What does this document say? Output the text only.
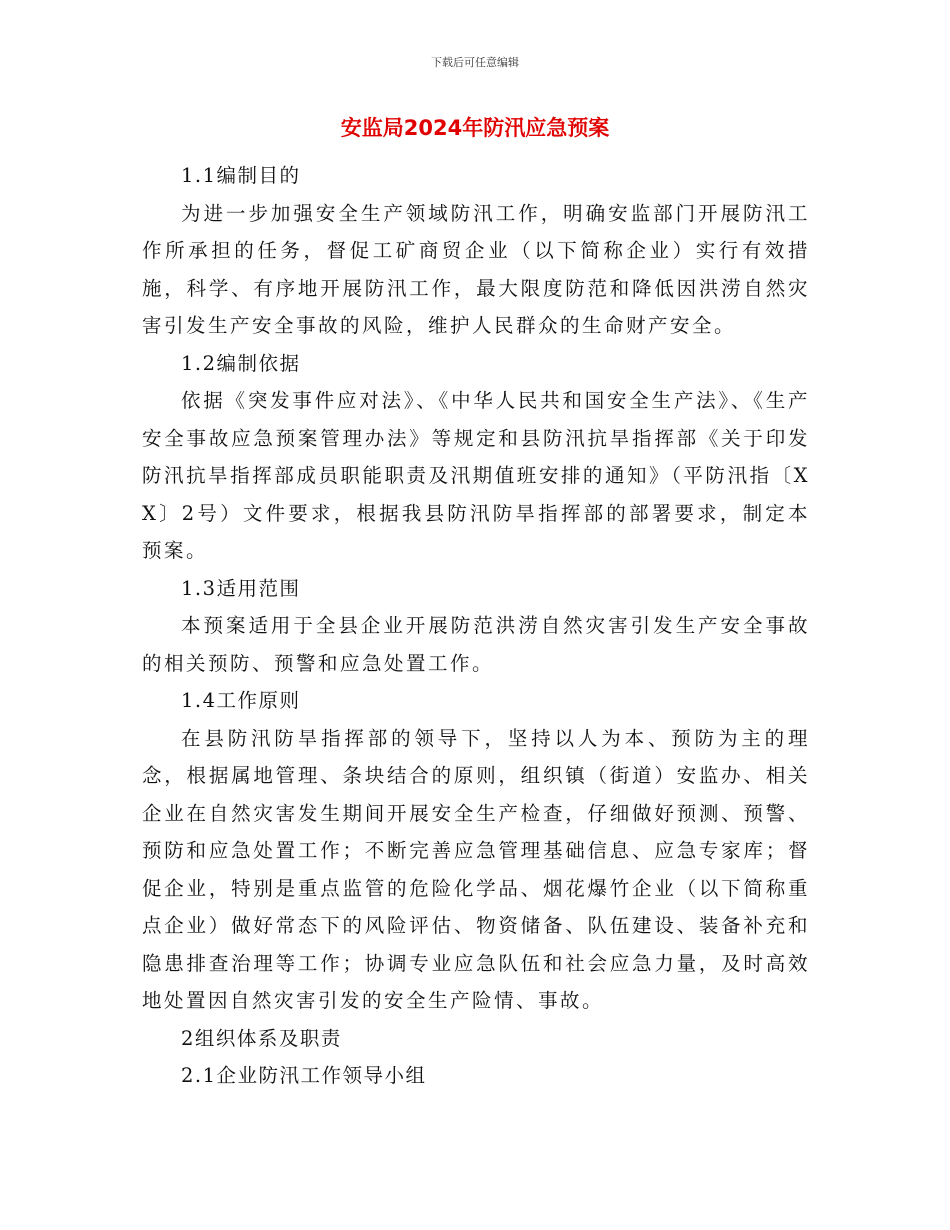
下载后可任意编辑
安监局2024年防汛应急预案

1.1编制目的

为进一步加强安全生产领域防汛工作，明确安监部门开展防汛工作所承担的任务，督促工矿商贸企业（以下简称企业）实行有效措施，科学、有序地开展防汛工作，最大限度防范和降低因洪涝自然灾害引发生产安全事故的风险，维护人民群众的生命财产安全。

1.2编制依据

依据《突发事件应对法》、《中华人民共和国安全生产法》、《生产安全事故应急预案管理办法》等规定和县防汛抗旱指挥部《关于印发防汛抗旱指挥部成员职能职责及汛期值班安排的通知》（平防汛指〔XX〕2号）文件要求，根据我县防汛防旱指挥部的部署要求，制定本预案。

1.3适用范围

本预案适用于全县企业开展防范洪涝自然灾害引发生产安全事故的相关预防、预警和应急处置工作。

1.4工作原则

在县防汛防旱指挥部的领导下，坚持以人为本、预防为主的理念，根据属地管理、条块结合的原则，组织镇（街道）安监办、相关企业在自然灾害发生期间开展安全生产检查，仔细做好预测、预警、预防和应急处置工作；不断完善应急管理基础信息、应急专家库；督促企业，特别是重点监管的危险化学品、烟花爆竹企业（以下简称重点企业）做好常态下的风险评估、物资储备、队伍建设、装备补充和隐患排查治理等工作；协调专业应急队伍和社会应急力量，及时高效地处置因自然灾害引发的安全生产险情、事故。

2组织体系及职责

2.1企业防汛工作领导小组
